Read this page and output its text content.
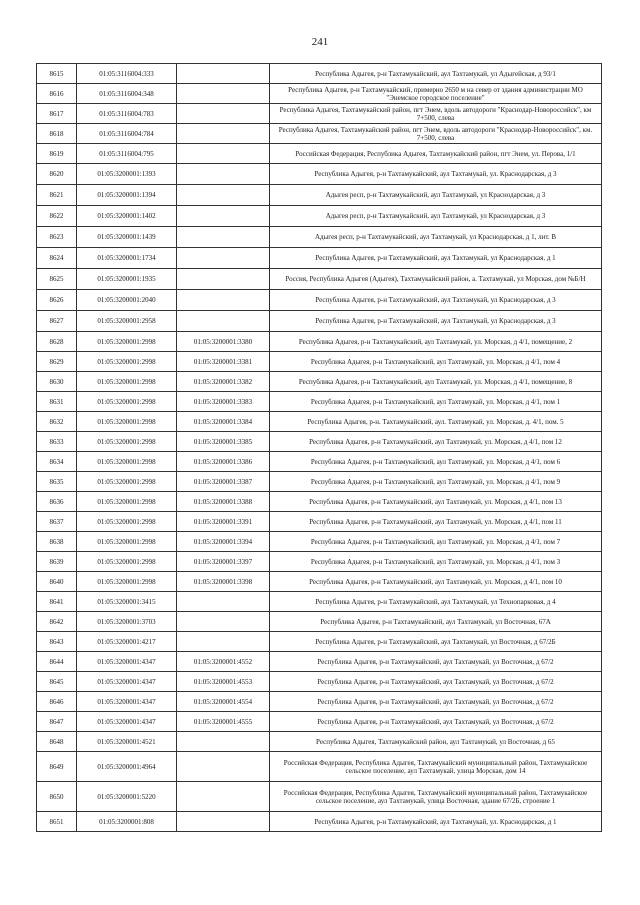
241
8615	01:05:3116004:333		Республика Адыгея, р-н Тахтамукайский, аул Тахтамукай, ул Адыгейская, д 93/1
8616	01:05:3116004:348		Республика Адыгея, р-н Тахтамукайский, примерно 2650 м на север от здания администрации МО "Энемское городское поселение"
8617	01:05:3116004:783		Республика Адыгея, Тахтамукайский район, пгт Энем, вдоль автодороги "Краснодар-Новороссийск", км 7+500, слева
8618	01:05:3116004:784		Республика Адыгея, Тахтамукайский район, пгт Энем, вдоль автодороги "Краснодар-Новороссийск", км. 7+500, слева
8619	01:05:3116004:795		Российская Федерация, Республика Адыгея, Тахтамукайский район, пгт Энем, ул. Перова, 1/1
8620	01:05:3200001:1393		Республика Адыгея, р-н Тахтамукайский, аул Тахтамукай, ул. Краснодарская, д 3
8621	01:05:3200001:1394		Адыгея респ, р-н Тахтамукайский, аул Тахтамукай, ул Краснодарская, д 3
8622	01:05:3200001:1402		Адыгея респ, р-н Тахтамукайский, аул Тахтамукай, ул Краснодарская, д 3
8623	01:05:3200001:1439		Адыгея респ, р-н Тахтамукайский, аул Тахтамукай, ул Краснодарская, д 1, лит. В
8624	01:05:3200001:1734		Республика Адыгея, р-н Тахтамукайский, аул Тахтамукай, ул Краснодарская, д 1
8625	01:05:3200001:1935		Россия, Республика Адыгея (Адыгея), Тахтамукайский район, а. Тахтамукай, ул Морская, дом №Б/Н
8626	01:05:3200001:2040		Республика Адыгея, р-н Тахтамукайский, аул Тахтамукай, ул Краснодарская, д 3
8627	01:05:3200001:2958		Республика Адыгея, р-н Тахтамукайский, аул Тахтамукай, ул Краснодарская, д 3
8628	01:05:3200001:2998	01:05:3200001:3380	Республика Адыгея, р-н Тахтамукайский, аул Тахтамукай, ул. Морская, д 4/1, помещение, 2
8629	01:05:3200001:2998	01:05:3200001:3381	Республика Адыгея, р-н Тахтамукайский, аул Тахтамукай, ул. Морская, д 4/1, пом 4
8630	01:05:3200001:2998	01:05:3200001:3382	Республика Адыгея, р-н Тахтамукайский, аул Тахтамукай, ул. Морская, д 4/1, помещение, 8
8631	01:05:3200001:2998	01:05:3200001:3383	Республика Адыгея, р-н Тахтамукайский, аул Тахтамукай, ул. Морская, д 4/1, пом 1
8632	01:05:3200001:2998	01:05:3200001:3384	Республика Адыгея, р-н. Тахтамукайский, аул. Тахтамукай, ул. Морская, д. 4/1, пом. 5
8633	01:05:3200001:2998	01:05:3200001:3385	Республика Адыгея, р-н Тахтамукайский, аул Тахтамукай, ул. Морская, д 4/1, пом 12
8634	01:05:3200001:2998	01:05:3200001:3386	Республика Адыгея, р-н Тахтамукайский, аул Тахтамукай, ул. Морская, д 4/1, пом 6
8635	01:05:3200001:2998	01:05:3200001:3387	Республика Адыгея, р-н Тахтамукайский, аул Тахтамукай, ул. Морская, д 4/1, пом 9
8636	01:05:3200001:2998	01:05:3200001:3388	Республика Адыгея, р-н Тахтамукайский, аул Тахтамукай, ул. Морская, д 4/1, пом 13
8637	01:05:3200001:2998	01:05:3200001:3391	Республика Адыгея, р-н Тахтамукайский, аул Тахтамукай, ул. Морская, д 4/1, пом 11
8638	01:05:3200001:2998	01:05:3200001:3394	Республика Адыгея, р-н Тахтамукайский, аул Тахтамукай, ул. Морская, д 4/1, пом 7
8639	01:05:3200001:2998	01:05:3200001:3397	Республика Адыгея, р-н Тахтамукайский, аул Тахтамукай, ул. Морская, д 4/1, пом 3
8640	01:05:3200001:2998	01:05:3200001:3398	Республика Адыгея, р-н Тахтамукайский, аул Тахтамукай, ул. Морская, д 4/1, пом 10
8641	01:05:3200001:3415		Республика Адыгея, р-н Тахтамукайский, аул Тахтамукай, ул Технопарковая, д 4
8642	01:05:3200001:3703		Республика Адыгея, р-н Тахтамукайский, аул Тахтамукай, ул Восточная, 67А
8643	01:05:3200001:4217		Республика Адыгея, р-н Тахтамукайский, аул Тахтамукай, ул Восточная, д 67/2Б
8644	01:05:3200001:4347	01:05:3200001:4552	Республика Адыгея, р-н Тахтамукайский, аул Тахтамукай, ул Восточная, д 67/2
8645	01:05:3200001:4347	01:05:3200001:4553	Республика Адыгея, р-н Тахтамукайский, аул Тахтамукай, ул Восточная, д 67/2
8646	01:05:3200001:4347	01:05:3200001:4554	Республика Адыгея, р-н Тахтамукайский, аул Тахтамукай, ул Восточная, д 67/2
8647	01:05:3200001:4347	01:05:3200001:4555	Республика Адыгея, р-н Тахтамукайский, аул Тахтамукай, ул Восточная, д 67/2
8648	01:05:3200001:4521		Республика Адыгея, Тахтамукайский район, аул Тахтамукай, ул Восточная, д 65
8649	01:05:3200001:4964		Российская Федерация, Республика Адыгея, Тахтамукайский муниципальный район, Тахтамукайское сельское поселение, аул Тахтамукай, улица Морская, дом 14
8650	01:05:3200001:5220		Российская Федерация, Республика Адыгея, Тахтамукайский муниципальный район, Тахтамукайское сельское поселение, аул Тахтамукай, улица Восточная, здание 67/2Б, строение 1
8651	01:05:3200001:808		Республика Адыгея, р-н Тахтамукайский, аул Тахтамукай, ул. Краснодарская, д 1
